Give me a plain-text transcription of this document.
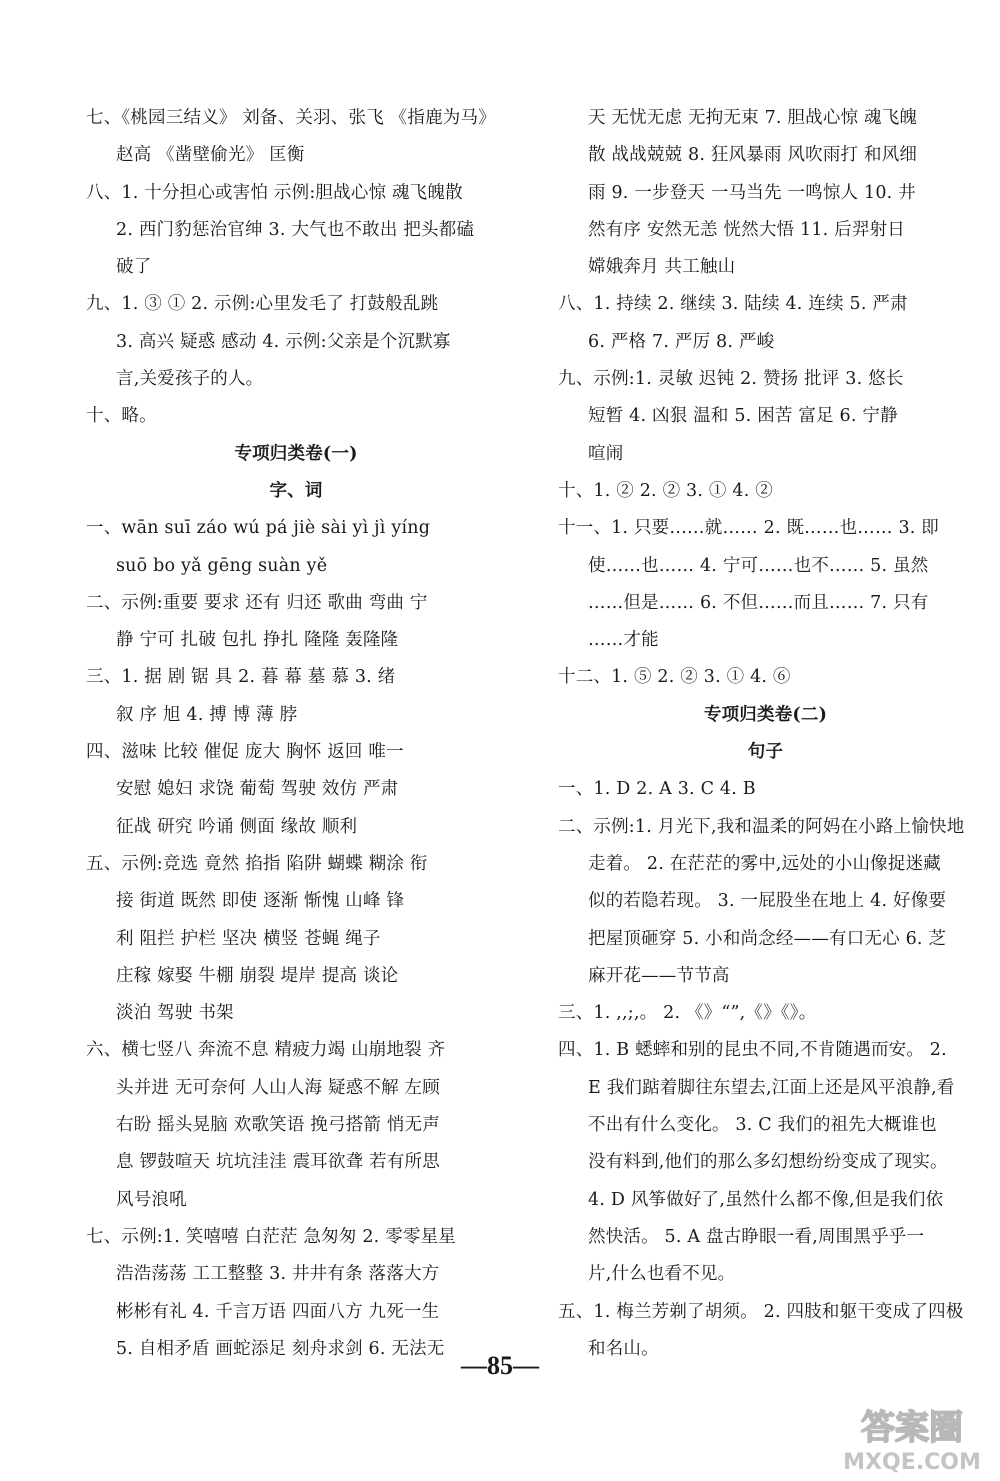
七、《桃园三结义》 刘备、关羽、张飞 《指鹿为马》
赵高 《凿壁偷光》 匡衡
八、1. 十分担心或害怕 示例:胆战心惊 魂飞魄散
2. 西门豹惩治官绅 3. 大气也不敢出 把头都磕
破了
九、1. ③ ① 2. 示例:心里发毛了 打鼓般乱跳
3. 高兴 疑惑 感动 4. 示例:父亲是个沉默寡
言,关爱孩子的人。
十、略。
专项归类卷(一)
字、词
一、wān suī záo wú pá jiè sài yì jì yíng
suō bo yǎ gēng suàn yě
二、示例:重要 要求 还有 归还 歌曲 弯曲 宁
静 宁可 扎破 包扎 挣扎 隆隆 轰隆隆
三、1. 据 剧 锯 具 2. 暮 幕 墓 慕 3. 绪
叙 序 旭 4. 搏 博 薄 脖
四、滋味 比较 催促 庞大 胸怀 返回 唯一
安慰 媳妇 求饶 葡萄 驾驶 效仿 严肃
征战 研究 吟诵 侧面 缘故 顺利
五、示例:竞选 竟然 掐指 陷阱 蝴蝶 糊涂 衔
接 街道 既然 即使 逐渐 惭愧 山峰 锋
利 阻拦 护栏 坚决 横竖 苍蝇 绳子
庄稼 嫁娶 牛棚 崩裂 堤岸 提高 谈论
淡泊 驾驶 书架
六、横七竖八 奔流不息 精疲力竭 山崩地裂 齐
头并进 无可奈何 人山人海 疑惑不解 左顾
右盼 摇头晃脑 欢歌笑语 挽弓搭箭 悄无声
息 锣鼓喧天 坑坑洼洼 震耳欲聋 若有所思
风号浪吼
七、示例:1. 笑嘻嘻 白茫茫 急匆匆 2. 零零星星
浩浩荡荡 工工整整 3. 井井有条 落落大方
彬彬有礼 4. 千言万语 四面八方 九死一生
5. 自相矛盾 画蛇添足 刻舟求剑 6. 无法无
天 无忧无虑 无拘无束 7. 胆战心惊 魂飞魄
散 战战兢兢 8. 狂风暴雨 风吹雨打 和风细
雨 9. 一步登天 一马当先 一鸣惊人 10. 井
然有序 安然无恙 恍然大悟 11. 后羿射日
嫦娥奔月 共工触山
八、1. 持续 2. 继续 3. 陆续 4. 连续 5. 严肃
6. 严格 7. 严厉 8. 严峻
九、示例:1. 灵敏 迟钝 2. 赞扬 批评 3. 悠长
短暂 4. 凶狠 温和 5. 困苦 富足 6. 宁静
喧闹
十、1. ② 2. ② 3. ① 4. ②
十一、1. 只要……就…… 2. 既……也…… 3. 即
使……也…… 4. 宁可……也不…… 5. 虽然
……但是…… 6. 不但……而且…… 7. 只有
……才能
十二、1. ⑤ 2. ② 3. ① 4. ⑥
专项归类卷(二)
句子
一、1. D 2. A 3. C 4. B
二、示例:1. 月光下,我和温柔的阿妈在小路上愉快地
走着。 2. 在茫茫的雾中,远处的小山像捉迷藏
似的若隐若现。 3. 一屁股坐在地上 4. 好像要
把屋顶砸穿 5. 小和尚念经——有口无心 6. 芝
麻开花——节节高
三、1. ,,;,。 2. 《》“”,《》《》。
四、1. B 蟋蟀和别的昆虫不同,不肯随遇而安。 2.
E 我们踮着脚往东望去,江面上还是风平浪静,看
不出有什么变化。 3. C 我们的祖先大概谁也
没有料到,他们的那么多幻想纷纷变成了现实。
4. D 风筝做好了,虽然什么都不像,但是我们依
然快活。 5. A 盘古睁眼一看,周围黑乎乎一
片,什么也看不见。
五、1. 梅兰芳剃了胡须。 2. 四肢和躯干变成了四极
和名山。
—85—
答案圈
MXQE.COM
